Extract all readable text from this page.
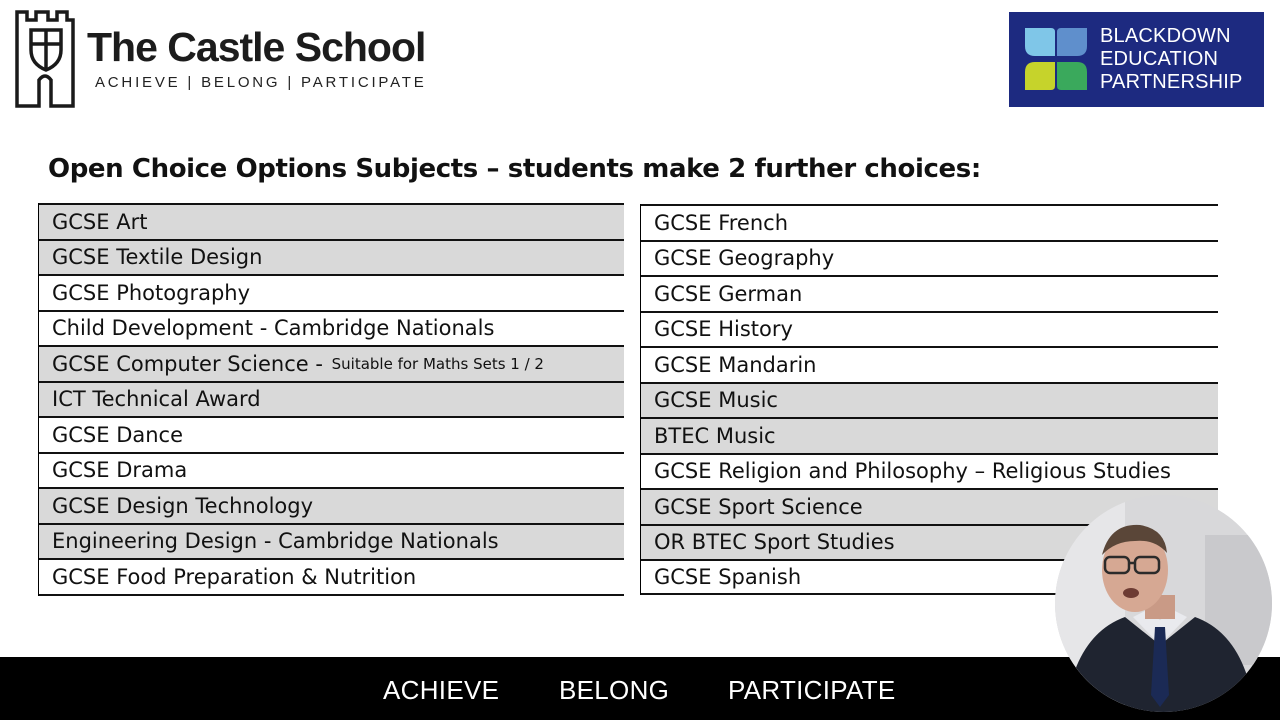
The Castle School
ACHIEVE | BELONG | PARTICIPATE
BLACKDOWN
EDUCATION
PARTNERSHIP
Open Choice Options Subjects – students make 2 further choices:
GCSE Art
GCSE Textile Design
GCSE Photography
Child Development - Cambridge Nationals
GCSE Computer Science - Suitable for Maths Sets 1 / 2
ICT Technical Award
GCSE Dance
GCSE Drama
GCSE Design Technology
Engineering Design - Cambridge Nationals
GCSE Food Preparation & Nutrition
GCSE French
GCSE Geography
GCSE German
GCSE History
GCSE Mandarin
GCSE Music
BTEC Music
GCSE Religion and Philosophy – Religious Studies
GCSE Sport Science
OR BTEC Sport Studies
GCSE Spanish
ACHIEVE BELONG PARTICIPATE
